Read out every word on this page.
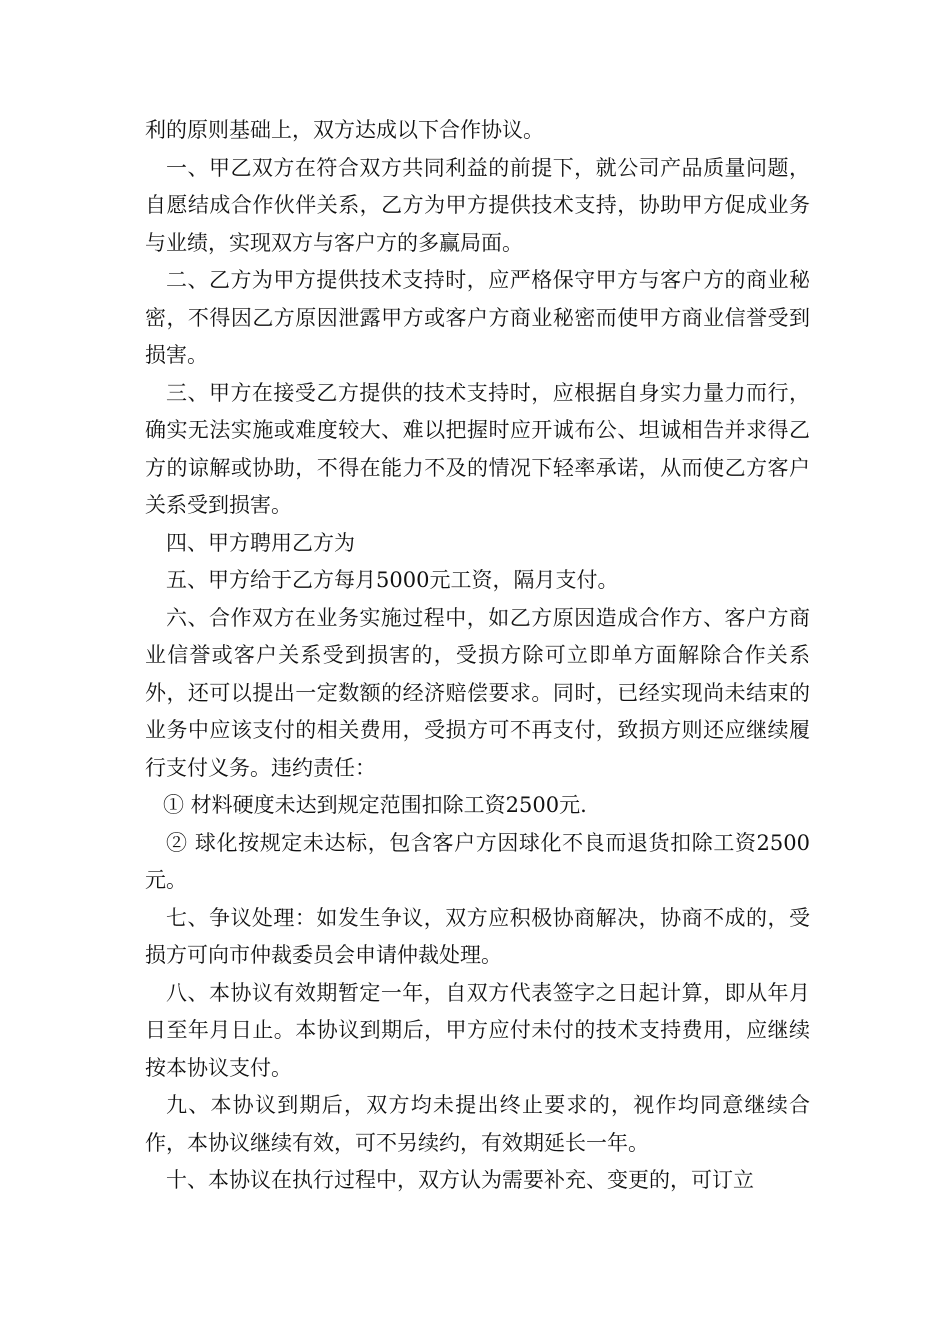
利的原则基础上，双方达成以下合作协议。

一、甲乙双方在符合双方共同利益的前提下，就公司产品质量问题，自愿结成合作伙伴关系，乙方为甲方提供技术支持，协助甲方促成业务与业绩，实现双方与客户方的多赢局面。

二、乙方为甲方提供技术支持时，应严格保守甲方与客户方的商业秘密，不得因乙方原因泄露甲方或客户方商业秘密而使甲方商业信誉受到损害。

三、甲方在接受乙方提供的技术支持时，应根据自身实力量力而行，确实无法实施或难度较大、难以把握时应开诚布公、坦诚相告并求得乙方的谅解或协助，不得在能力不及的情况下轻率承诺，从而使乙方客户关系受到损害。

四、甲方聘用乙方为

五、甲方给于乙方每月5000元工资，隔月支付。

六、合作双方在业务实施过程中，如乙方原因造成合作方、客户方商业信誉或客户关系受到损害的，受损方除可立即单方面解除合作关系外，还可以提出一定数额的经济赔偿要求。同时，已经实现尚未结束的业务中应该支付的相关费用，受损方可不再支付，致损方则还应继续履行支付义务。违约责任：

① 材料硬度未达到规定范围扣除工资2500元.

② 球化按规定未达标，包含客户方因球化不良而退货扣除工资2500元。

七、争议处理：如发生争议，双方应积极协商解决，协商不成的，受损方可向市仲裁委员会申请仲裁处理。

八、本协议有效期暂定一年，自双方代表签字之日起计算，即从年月日至年月日止。本协议到期后，甲方应付未付的技术支持费用，应继续按本协议支付。

九、本协议到期后，双方均未提出终止要求的，视作均同意继续合作，本协议继续有效，可不另续约，有效期延长一年。

十、本协议在执行过程中，双方认为需要补充、变更的，可订立
